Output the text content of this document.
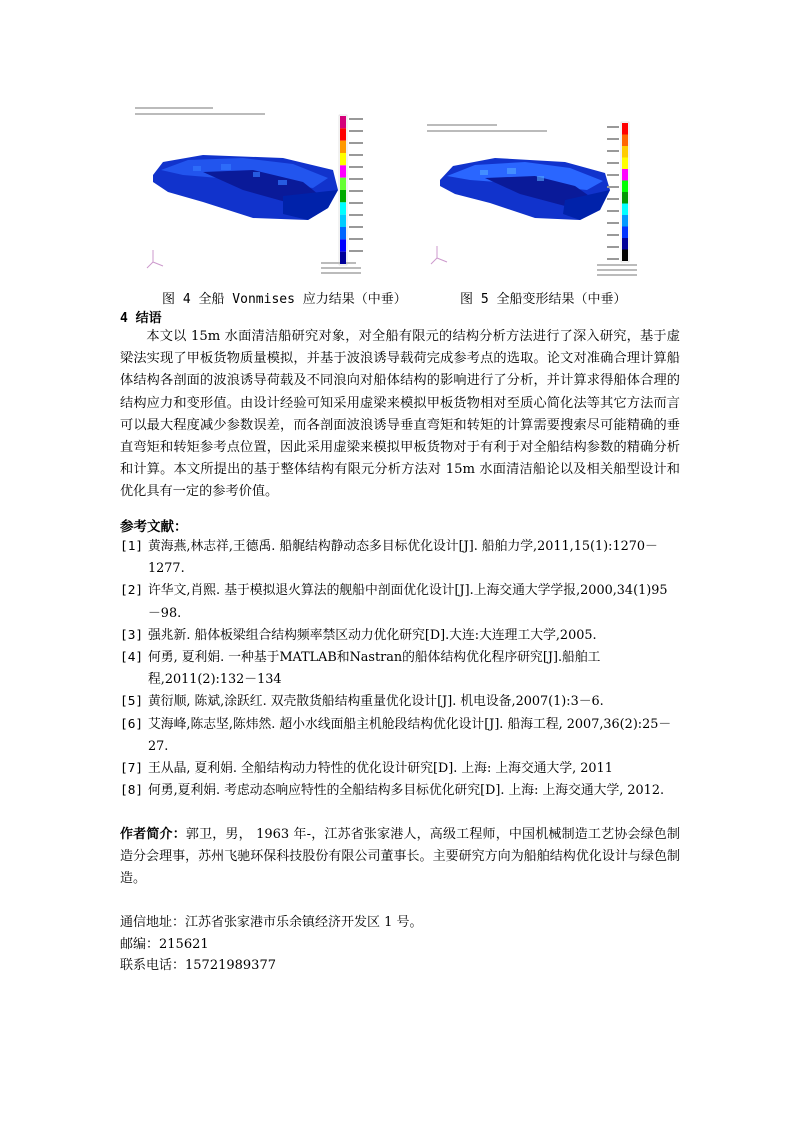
图 4 全船 Vonmises 应力结果（中垂）	图 5 全船变形结果（中垂）
4 结语
本文以 15m 水面清洁船研究对象，对全船有限元的结构分析方法进行了深入研究，基于虚梁法实现了甲板货物质量模拟，并基于波浪诱导载荷完成参考点的选取。论文对准确合理计算船体结构各剖面的波浪诱导荷载及不同浪向对船体结构的影响进行了分析，并计算求得船体合理的结构应力和变形值。由设计经验可知采用虚梁来模拟甲板货物相对至质心简化法等其它方法而言可以最大程度减少参数误差，而各剖面波浪诱导垂直弯矩和转矩的计算需要搜索尽可能精确的垂直弯矩和转矩参考点位置，因此采用虚梁来模拟甲板货物对于有利于对全船结构参数的精确分析和计算。本文所提出的基于整体结构有限元分析方法对 15m 水面清洁船论以及相关船型设计和优化具有一定的参考价值。
参考文献：
[1] 黄海燕,林志祥,王德禹. 船艉结构静动态多目标优化设计[J]. 船舶力学,2011,15(1):1270－1277.
[2] 许华文,肖熙. 基于模拟退火算法的舰船中剖面优化设计[J].上海交通大学学报,2000,34(1)95－98.
[3] 强兆新. 船体板梁组合结构频率禁区动力优化研究[D].大连:大连理工大学,2005.
[4] 何勇, 夏利娟. 一种基于MATLAB和Nastran的船体结构优化程序研究[J].船舶工程,2011(2):132－134
[5] 黄衍顺, 陈斌,涂跃红. 双壳散货船结构重量优化设计[J]. 机电设备,2007(1):3－6.
[6] 艾海峰,陈志坚,陈炜然. 超小水线面船主机舱段结构优化设计[J]. 船海工程, 2007,36(2):25－27.
[7] 王从晶, 夏利娟. 全船结构动力特性的优化设计研究[D]. 上海: 上海交通大学, 2011
[8] 何勇,夏利娟. 考虑动态响应特性的全船结构多目标优化研究[D]. 上海: 上海交通大学, 2012.
作者简介：郭卫，男， 1963 年-，江苏省张家港人，高级工程师，中国机械制造工艺协会绿色制造分会理事，苏州飞驰环保科技股份有限公司董事长。主要研究方向为船舶结构优化设计与绿色制造。
通信地址：江苏省张家港市乐余镇经济开发区 1 号。
邮编：215621
联系电话：15721989377
